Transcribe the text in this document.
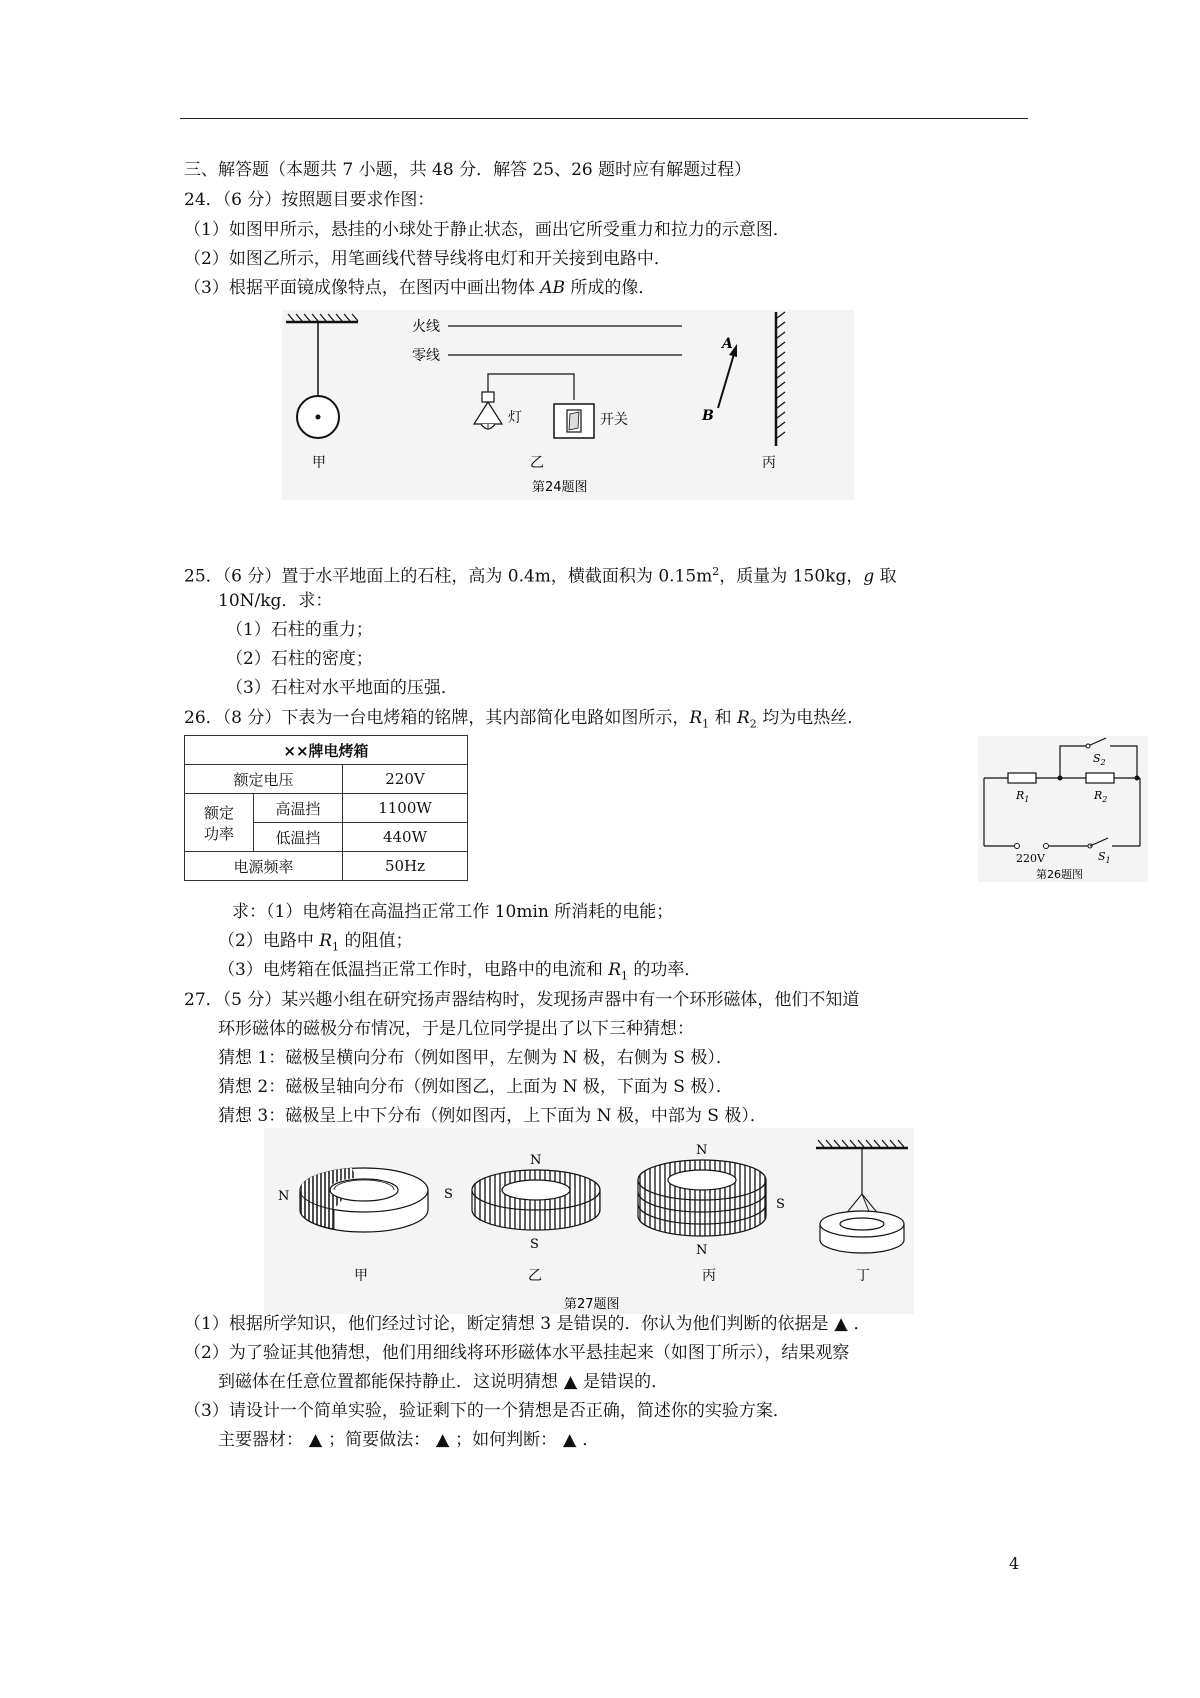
三、解答题（本题共 7 小题，共 48 分．解答 25、26 题时应有解题过程）
24．（6 分）按照题目要求作图：
（1）如图甲所示，悬挂的小球处于静止状态，画出它所受重力和拉力的示意图．
（2）如图乙所示，用笔画线代替导线将电灯和开关接到电路中．
（3）根据平面镜成像特点，在图丙中画出物体 AB 所成的像．
甲
火线
零线
灯	开关
乙
A
B
丙
第24题图
25．（6 分）置于水平地面上的石柱，高为 0.4m，横截面积为 $0.15m^2$，质量为 150kg，g 取
10N/kg．求：
（1）石柱的重力；
（2）石柱的密度；
（3）石柱对水平地面的压强．
26．（8 分）下表为一台电烤箱的铭牌，其内部简化电路如图所示，$R_1$ 和 $R_2$ 均为电热丝．
××牌电烤箱		
额定电压		220V
额定
功率	高温挡	1100W
	低温挡	440W
电源频率		50Hz
$S_2$
$R_1$	$R_2$
220V	$S_1$
第26题图
求：（1）电烤箱在高温挡正常工作 10min 所消耗的电能；
（2）电路中 $R_1$ 的阻值；
（3）电烤箱在低温挡正常工作时，电路中的电流和 $R_1$ 的功率．
27．（5 分）某兴趣小组在研究扬声器结构时，发现扬声器中有一个环形磁体，他们不知道
环形磁体的磁极分布情况，于是几位同学提出了以下三种猜想：
猜想 1：磁极呈横向分布（例如图甲，左侧为 N 极，右侧为 S 极）．
猜想 2：磁极呈轴向分布（例如图乙，上面为 N 极，下面为 S 极）．
猜想 3：磁极呈上中下分布（例如图丙，上下面为 N 极，中部为 S 极）．
N	S
甲
N
S
乙
N
S
N
丙	丁
第27题图
（1）根据所学知识，他们经过讨论，断定猜想 3 是错误的．你认为他们判断的依据是 ▲ ．
（2）为了验证其他猜想，他们用细线将环形磁体水平悬挂起来（如图丁所示），结果观察
到磁体在任意位置都能保持静止．这说明猜想 ▲ 是错误的．
（3）请设计一个简单实验，验证剩下的一个猜想是否正确，简述你的实验方案．
主要器材： ▲ ；简要做法： ▲ ；如何判断： ▲ ．
4
